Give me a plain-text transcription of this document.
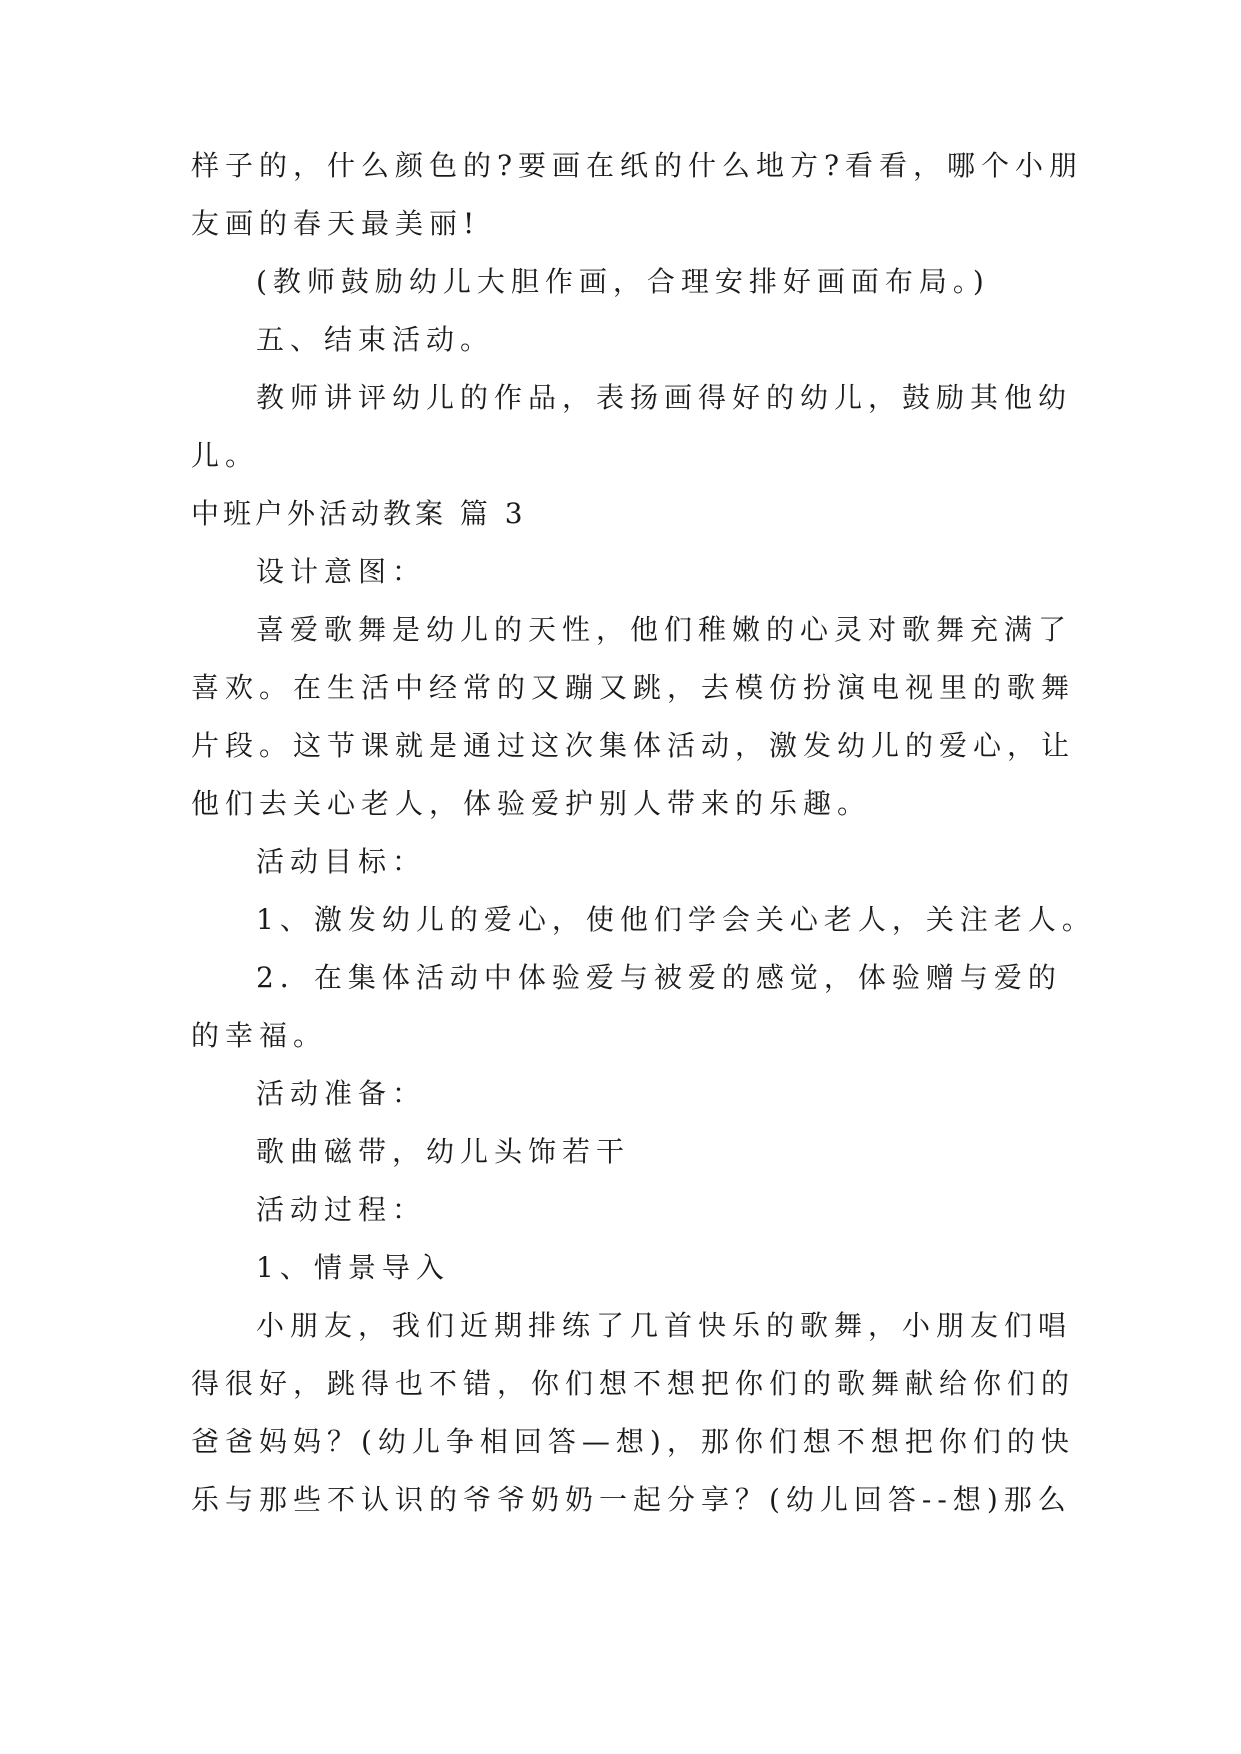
样子的，什么颜色的?要画在纸的什么地方?看看，哪个小朋

友画的春天最美丽!

(教师鼓励幼儿大胆作画，合理安排好画面布局。)

五、结束活动。

教师讲评幼儿的作品，表扬画得好的幼儿，鼓励其他幼

儿。

中班户外活动教案 篇 3

设计意图：

喜爱歌舞是幼儿的天性，他们稚嫩的心灵对歌舞充满了

喜欢。在生活中经常的又蹦又跳，去模仿扮演电视里的歌舞

片段。这节课就是通过这次集体活动，激发幼儿的爱心，让

他们去关心老人，体验爱护别人带来的乐趣。

活动目标：

1、激发幼儿的爱心，使他们学会关心老人，关注老人。

2．在集体活动中体验爱与被爱的感觉，体验赠与爱的

的幸福。

活动准备：

歌曲磁带，幼儿头饰若干

活动过程：

1、情景导入

小朋友，我们近期排练了几首快乐的歌舞，小朋友们唱

得很好，跳得也不错，你们想不想把你们的歌舞献给你们的

爸爸妈妈？(幼儿争相回答—想)，那你们想不想把你们的快

乐与那些不认识的爷爷奶奶一起分享？(幼儿回答--想)那么
